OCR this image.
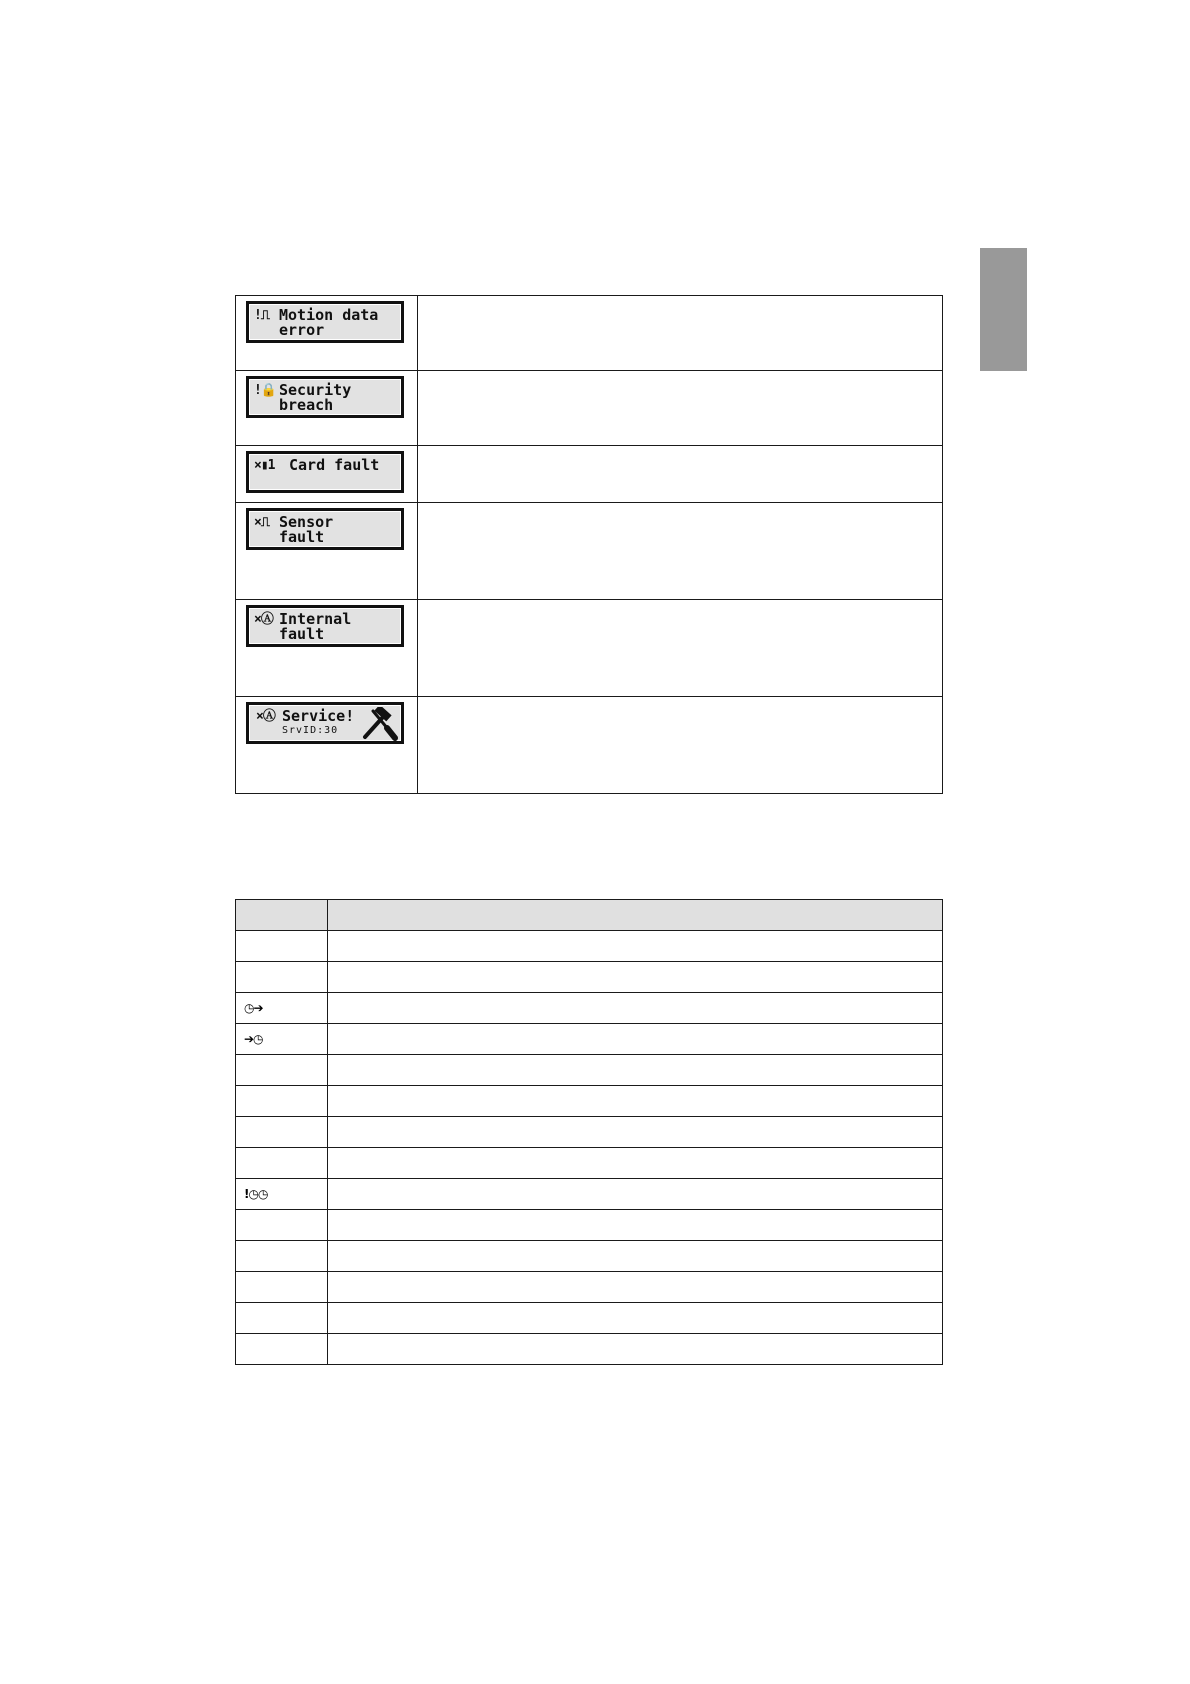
!⎍ Motion data
error	

!🔒 Security
breach	

×▮1 Card fault	

×⎍ Sensor
fault	

×Ⓐ Internal
fault	

×Ⓐ Service!
SrvID:30	

◷➔	
➔◷	

!◷◷	
